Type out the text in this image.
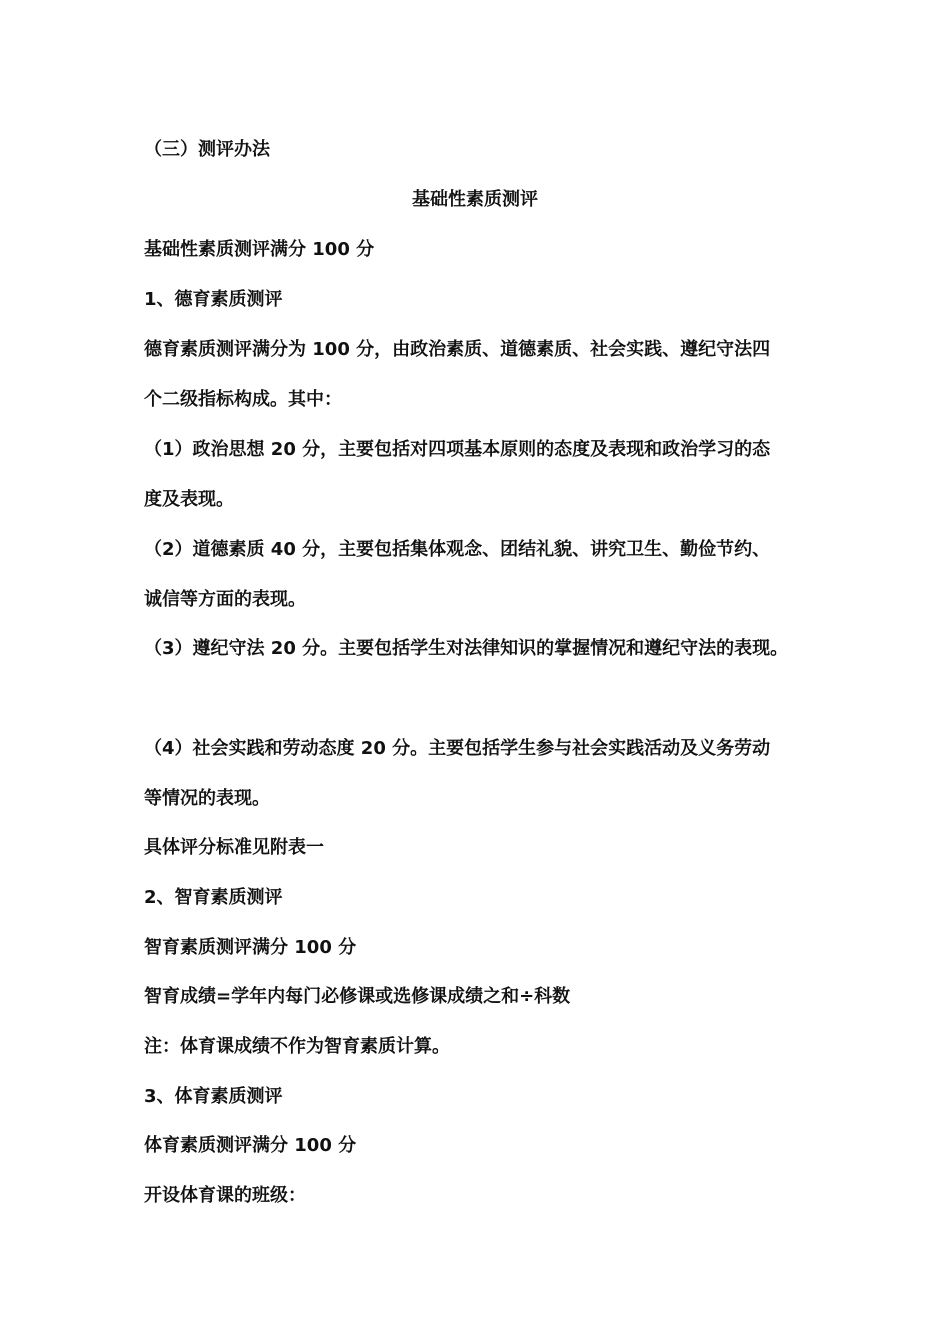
（三）测评办法
基础性素质测评
基础性素质测评满分 100 分
1、德育素质测评
德育素质测评满分为 100 分，由政治素质、道德素质、社会实践、遵纪守法四
个二级指标构成。其中：
（1）政治思想 20 分，主要包括对四项基本原则的态度及表现和政治学习的态
度及表现。
（2）道德素质 40 分，主要包括集体观念、团结礼貌、讲究卫生、勤俭节约、
诚信等方面的表现。
（3）遵纪守法 20 分。主要包括学生对法律知识的掌握情况和遵纪守法的表现。
（4）社会实践和劳动态度 20 分。主要包括学生参与社会实践活动及义务劳动
等情况的表现。
具体评分标准见附表一
2、智育素质测评
智育素质测评满分 100 分
智育成绩=学年内每门必修课或选修课成绩之和÷科数
注：体育课成绩不作为智育素质计算。
3、体育素质测评
体育素质测评满分 100 分
开设体育课的班级：
